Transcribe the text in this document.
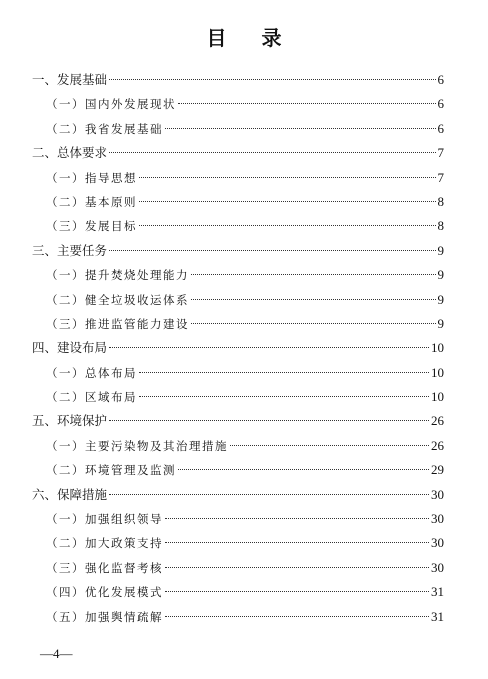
目 录
一、发展基础	6
（一）国内外发展现状	6
（二）我省发展基础	6
二、总体要求	7
（一）指导思想	7
（二）基本原则	8
（三）发展目标	8
三、主要任务	9
（一）提升焚烧处理能力	9
（二）健全垃圾收运体系	9
（三）推进监管能力建设	9
四、建设布局	10
（一）总体布局	10
（二）区域布局	10
五、环境保护	26
（一）主要污染物及其治理措施	26
（二）环境管理及监测	29
六、保障措施	30
（一）加强组织领导	30
（二）加大政策支持	30
（三）强化监督考核	30
（四）优化发展模式	31
（五）加强舆情疏解	31
—4—
